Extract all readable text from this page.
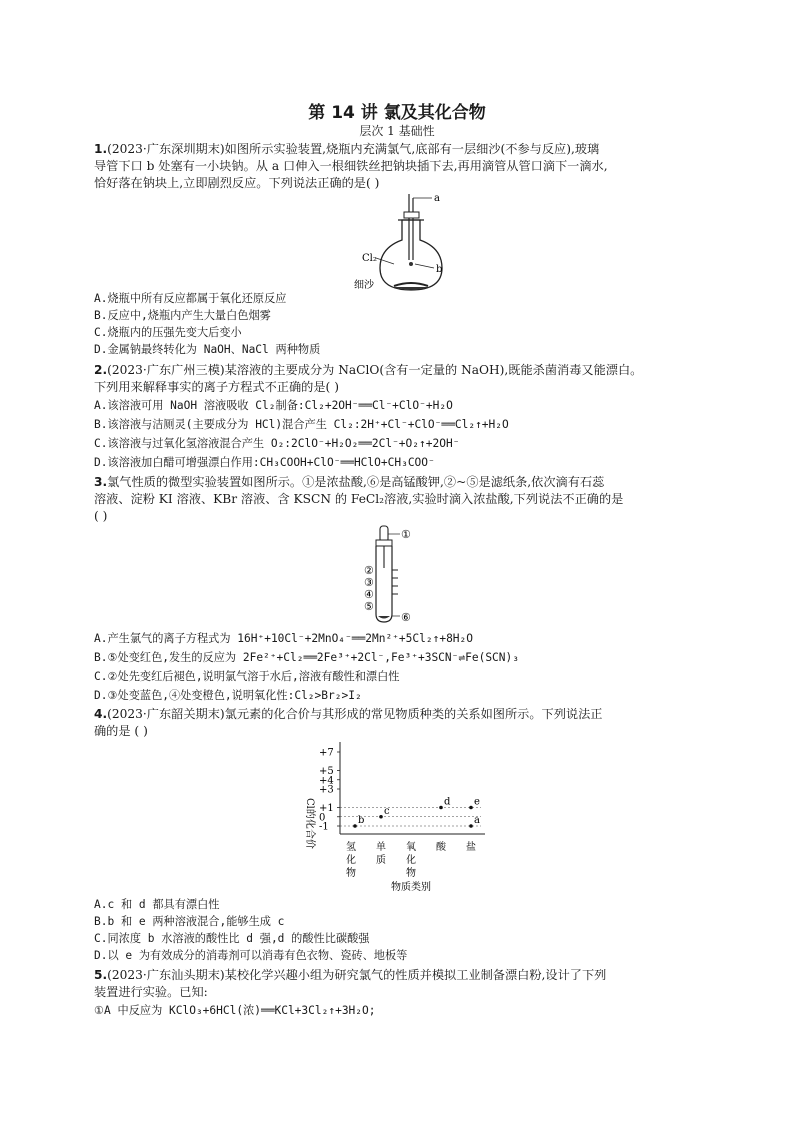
第 14 讲 氯及其化合物
层次 1 基础性
1.(2023·广东深圳期末)如图所示实验装置,烧瓶内充满氯气,底部有一层细沙(不参与反应),玻璃
导管下口 b 处塞有一小块钠。从 a 口伸入一根细铁丝把钠块插下去,再用滴管从管口滴下一滴水,
恰好落在钠块上,立即剧烈反应。下列说法正确的是( )
a
b
Cl₂
细沙
A.烧瓶中所有反应都属于氧化还原反应
B.反应中,烧瓶内产生大量白色烟雾
C.烧瓶内的压强先变大后变小
D.金属钠最终转化为 NaOH、NaCl 两种物质
2.(2023·广东广州三模)某溶液的主要成分为 NaClO(含有一定量的 NaOH),既能杀菌消毒又能漂白。
下列用来解释事实的离子方程式不正确的是( )
A.该溶液可用 NaOH 溶液吸收 Cl₂制备:Cl₂+2OH⁻══Cl⁻+ClO⁻+H₂O
B.该溶液与洁厕灵(主要成分为 HCl)混合产生 Cl₂:2H⁺+Cl⁻+ClO⁻══Cl₂↑+H₂O
C.该溶液与过氧化氢溶液混合产生 O₂:2ClO⁻+H₂O₂══2Cl⁻+O₂↑+2OH⁻
D.该溶液加白醋可增强漂白作用:CH₃COOH+ClO⁻══HClO+CH₃COO⁻
3.氯气性质的微型实验装置如图所示。①是浓盐酸,⑥是高锰酸钾,②~⑤是滤纸条,依次滴有石蕊
溶液、淀粉 KI 溶液、KBr 溶液、含 KSCN 的 FeCl₂溶液,实验时滴入浓盐酸,下列说法不正确的是
( )
①
②
③
④
⑤
⑥
A.产生氯气的离子方程式为 16H⁺+10Cl⁻+2MnO₄⁻══2Mn²⁺+5Cl₂↑+8H₂O
B.⑤处变红色,发生的反应为 2Fe²⁺+Cl₂══2Fe³⁺+2Cl⁻,Fe³⁺+3SCN⁻⇌Fe(SCN)₃
C.②处先变红后褪色,说明氯气溶于水后,溶液有酸性和漂白性
D.③处变蓝色,④处变橙色,说明氧化性:Cl₂>Br₂>I₂
4.(2023·广东韶关期末)氯元素的化合价与其形成的常见物质种类的关系如图所示。下列说法正
确的是 ( )
Cl的化合价
物质类别
-1
0
+1
+3
+4
+5
+7
氢化物
单质
氧化物
酸 盐
a
b
c
d e
A.c 和 d 都具有漂白性
B.b 和 e 两种溶液混合,能够生成 c
C.同浓度 b 水溶液的酸性比 d 强,d 的酸性比碳酸强
D.以 e 为有效成分的消毒剂可以消毒有色衣物、瓷砖、地板等
5.(2023·广东汕头期末)某校化学兴趣小组为研究氯气的性质并模拟工业制备漂白粉,设计了下列
装置进行实验。已知:
①A 中反应为 KClO₃+6HCl(浓)══KCl+3Cl₂↑+3H₂O;
